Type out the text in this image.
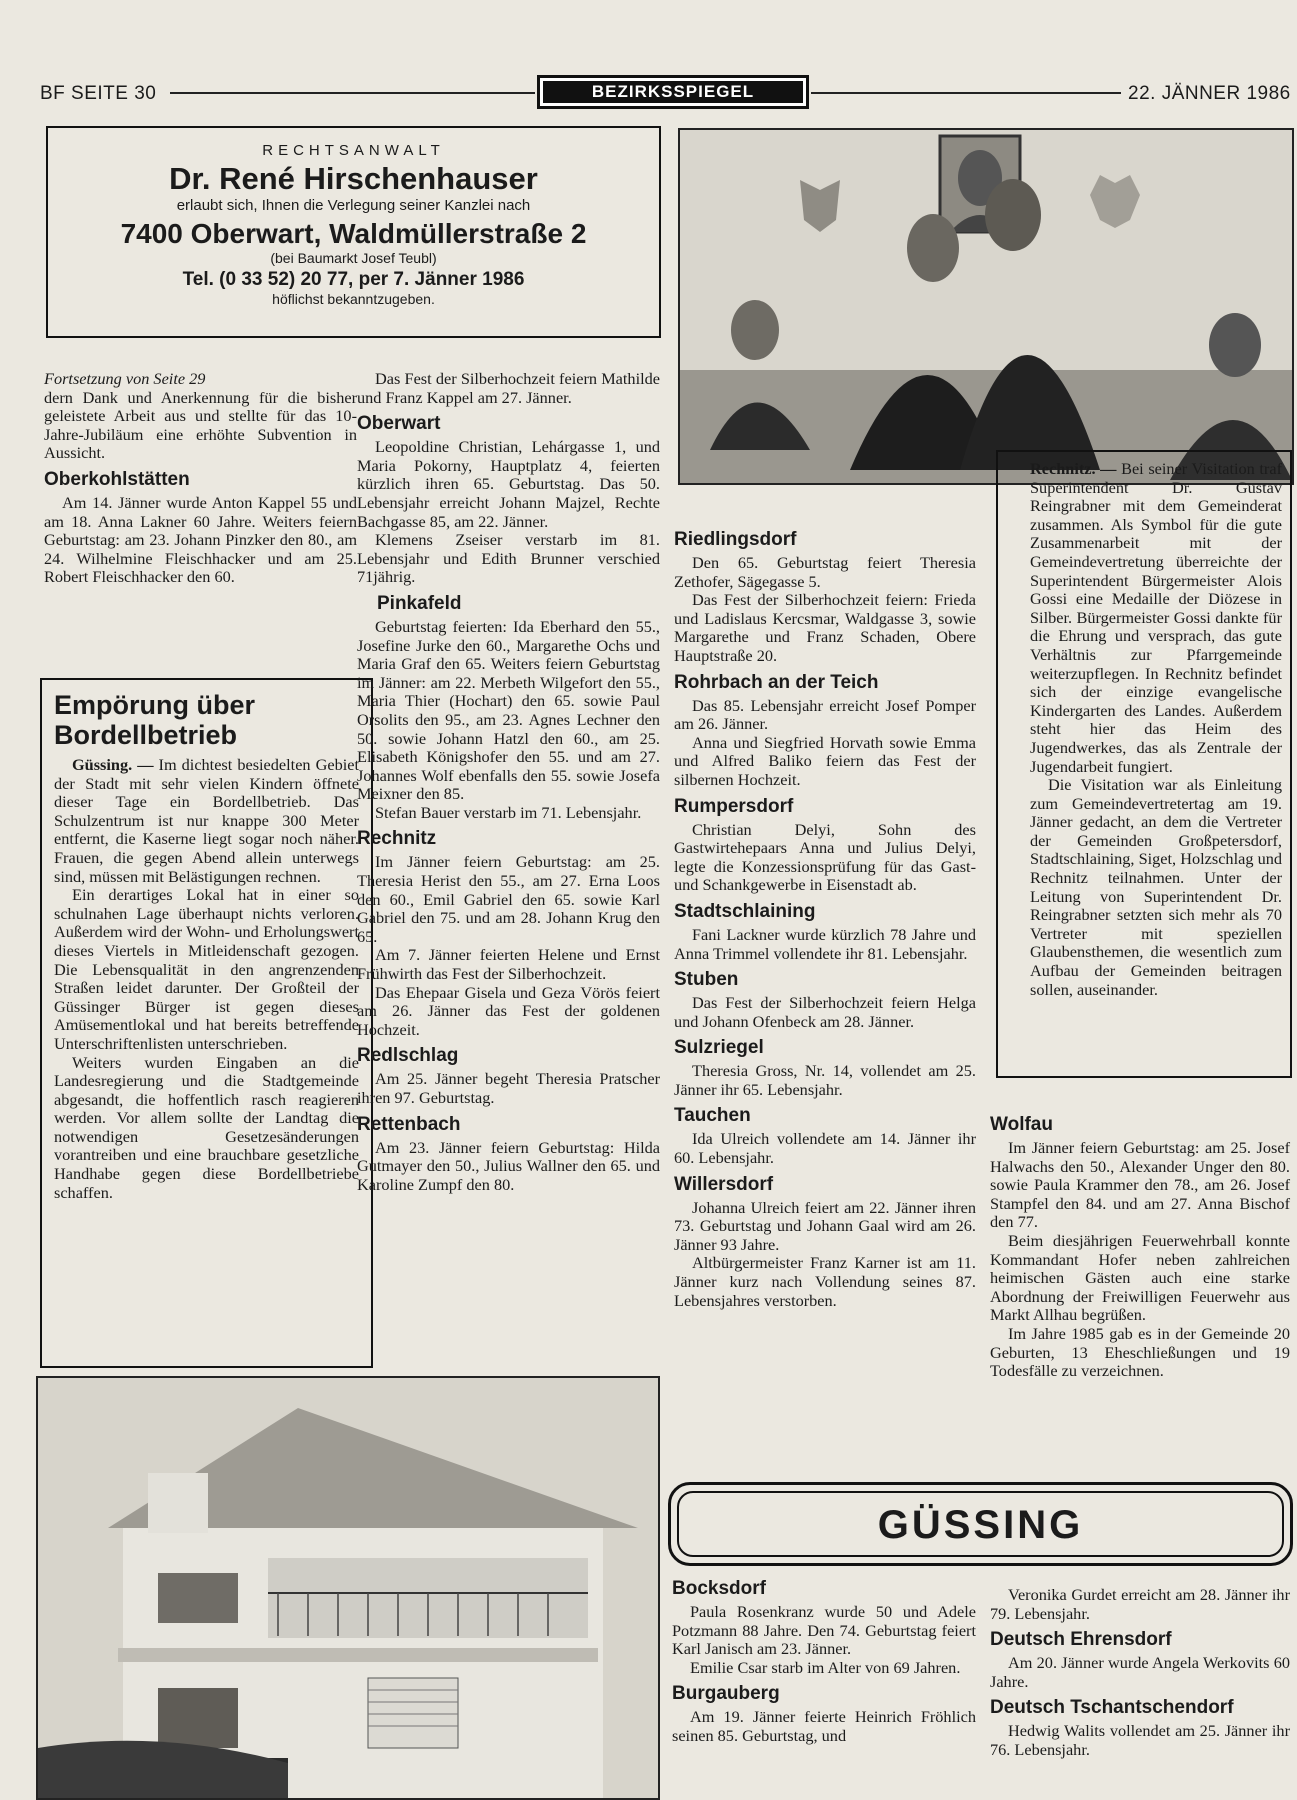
BF SEITE 30	BEZIRKSSPIEGEL	22. JÄNNER 1986
RECHTSANWALT
Dr. René Hirschenhauser
erlaubt sich, Ihnen die Verlegung seiner Kanzlei nach
7400 Oberwart, Waldmüllerstraße 2
(bei Baumarkt Josef Teubl)
Tel. (0 33 52) 20 77, per 7. Jänner 1986
höflichst bekanntzugeben.

Fortsetzung von Seite 29

dern Dank und Anerkennung für die bisher geleistete Arbeit aus und stellte für das 10-Jahre-Jubiläum eine erhöhte Subvention in Aussicht.

Oberkohlstätten

Am 14. Jänner wurde Anton Kappel 55 und am 18. Anna Lakner 60 Jahre. Weiters feiern Geburtstag: am 23. Johann Pinzker den 80., am 24. Wilhelmine Fleischhacker und am 25. Robert Fleischhacker den 60.

Empörung über Bordellbetrieb

Güssing. — Im dichtest besiedelten Gebiet der Stadt mit sehr vielen Kindern öffnete dieser Tage ein Bordellbetrieb. Das Schulzentrum ist nur knappe 300 Meter entfernt, die Kaserne liegt sogar noch näher. Frauen, die gegen Abend allein unterwegs sind, müssen mit Belästigungen rechnen.

Ein derartiges Lokal hat in einer so schulnahen Lage überhaupt nichts verloren. Außerdem wird der Wohn- und Erholungswert dieses Viertels in Mitleidenschaft gezogen. Die Lebensqualität in den angrenzenden Straßen leidet darunter. Der Großteil der Güssinger Bürger ist gegen dieses Amüsementlokal und hat bereits betreffende Unterschriftenlisten unterschrieben.

Weiters wurden Eingaben an die Landesregierung und die Stadtgemeinde abgesandt, die hoffentlich rasch reagieren werden. Vor allem sollte der Landtag die notwendigen Gesetzesänderungen vorantreiben und eine brauchbare gesetzliche Handhabe gegen diese Bordellbetriebe schaffen.

Das Fest der Silberhochzeit feiern Mathilde und Franz Kappel am 27. Jänner.

Oberwart

Leopoldine Christian, Lehárgasse 1, und Maria Pokorny, Hauptplatz 4, feierten kürzlich ihren 65. Geburtstag. Das 50. Lebensjahr erreicht Johann Majzel, Rechte Bachgasse 85, am 22. Jänner.

Klemens Zseiser verstarb im 81. Lebensjahr und Edith Brunner verschied 71jährig.

Pinkafeld

Geburtstag feierten: Ida Eberhard den 55., Josefine Jurke den 60., Margarethe Ochs und Maria Graf den 65. Weiters feiern Geburtstag im Jänner: am 22. Merbeth Wilgefort den 55., Maria Thier (Hochart) den 65. sowie Paul Orsolits den 95., am 23. Agnes Lechner den 50. sowie Johann Hatzl den 60., am 25. Elisabeth Königshofer den 55. und am 27. Johannes Wolf ebenfalls den 55. sowie Josefa Meixner den 85.

Stefan Bauer verstarb im 71. Lebensjahr.

Rechnitz

Im Jänner feiern Geburtstag: am 25. Theresia Herist den 55., am 27. Erna Loos den 60., Emil Gabriel den 65. sowie Karl Gabriel den 75. und am 28. Johann Krug den 65.

Am 7. Jänner feierten Helene und Ernst Frühwirth das Fest der Silberhochzeit.

Das Ehepaar Gisela und Geza Vörös feiert am 26. Jänner das Fest der goldenen Hochzeit.

Redlschlag

Am 25. Jänner begeht Theresia Pratscher ihren 97. Geburtstag.

Rettenbach

Am 23. Jänner feiern Geburtstag: Hilda Gutmayer den 50., Julius Wallner den 65. und Karoline Zumpf den 80.

Riedlingsdorf

Den 65. Geburtstag feiert Theresia Zethofer, Sägegasse 5.

Das Fest der Silberhochzeit feiern: Frieda und Ladislaus Kercsmar, Waldgasse 3, sowie Margarethe und Franz Schaden, Obere Hauptstraße 20.

Rohrbach an der Teich

Das 85. Lebensjahr erreicht Josef Pomper am 26. Jänner.

Anna und Siegfried Horvath sowie Emma und Alfred Baliko feiern das Fest der silbernen Hochzeit.

Rumpersdorf

Christian Delyi, Sohn des Gastwirtehepaars Anna und Julius Delyi, legte die Konzessionsprüfung für das Gast- und Schankgewerbe in Eisenstadt ab.

Stadtschlaining

Fani Lackner wurde kürzlich 78 Jahre und Anna Trimmel vollendete ihr 81. Lebensjahr.

Stuben

Das Fest der Silberhochzeit feiern Helga und Johann Ofenbeck am 28. Jänner.

Sulzriegel

Theresia Gross, Nr. 14, vollendet am 25. Jänner ihr 65. Lebensjahr.

Tauchen

Ida Ulreich vollendete am 14. Jänner ihr 60. Lebensjahr.

Willersdorf

Johanna Ulreich feiert am 22. Jänner ihren 73. Geburtstag und Johann Gaal wird am 26. Jänner 93 Jahre.

Altbürgermeister Franz Karner ist am 11. Jänner kurz nach Vollendung seines 87. Lebensjahres verstorben.

Rechnitz. — Bei seiner Visitation traf Superintendent Dr. Gustav Reingrabner mit dem Gemeinderat zusammen. Als Symbol für die gute Zusammenarbeit mit der Gemeindevertretung überreichte der Superintendent Bürgermeister Alois Gossi eine Medaille der Diözese in Silber. Bürgermeister Gossi dankte für die Ehrung und versprach, das gute Verhältnis zur Pfarrgemeinde weiterzupflegen. In Rechnitz befindet sich der einzige evangelische Kindergarten des Landes. Außerdem steht hier das Heim des Jugendwerkes, das als Zentrale der Jugendarbeit fungiert.

Die Visitation war als Einleitung zum Gemeindevertretertag am 19. Jänner gedacht, an dem die Vertreter der Gemeinden Großpetersdorf, Stadtschlaining, Siget, Holzschlag und Rechnitz teilnahmen. Unter der Leitung von Superintendent Dr. Reingrabner setzten sich mehr als 70 Vertreter mit speziellen Glaubensthemen, die wesentlich zum Aufbau der Gemeinden beitragen sollen, auseinander.

Wolfau

Im Jänner feiern Geburtstag: am 25. Josef Halwachs den 50., Alexander Unger den 80. sowie Paula Krammer den 78., am 26. Josef Stampfel den 84. und am 27. Anna Bischof den 77.

Beim diesjährigen Feuerwehrball konnte Kommandant Hofer neben zahlreichen heimischen Gästen auch eine starke Abordnung der Freiwilligen Feuerwehr aus Markt Allhau begrüßen.

Im Jahre 1985 gab es in der Gemeinde 20 Geburten, 13 Eheschließungen und 19 Todesfälle zu verzeichnen.

GÜSSING
Bocksdorf

Paula Rosenkranz wurde 50 und Adele Potzmann 88 Jahre. Den 74. Geburtstag feiert Karl Janisch am 23. Jänner.

Emilie Csar starb im Alter von 69 Jahren.

Burgauberg

Am 19. Jänner feierte Heinrich Fröhlich seinen 85. Geburtstag, und

Veronika Gurdet erreicht am 28. Jänner ihr 79. Lebensjahr.

Deutsch Ehrensdorf

Am 20. Jänner wurde Angela Werkovits 60 Jahre.

Deutsch Tschantschendorf

Hedwig Walits vollendet am 25. Jänner ihr 76. Lebensjahr.
